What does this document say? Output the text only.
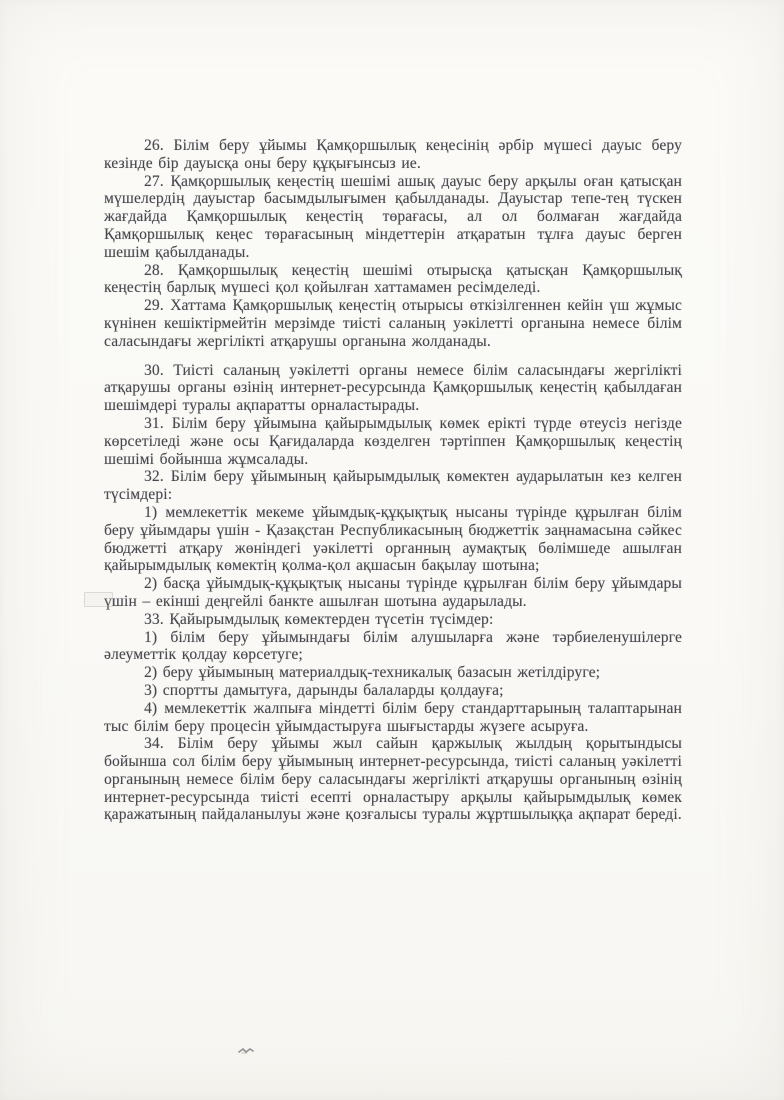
26. Білім беру ұйымы Қамқоршылық кеңесінің әрбір мүшесі дауыс беру кезінде бір дауысқа оны беру құқығынсыз ие.

27. Қамқоршылық кеңестің шешімі ашық дауыс беру арқылы оған қатысқан мүшелердің дауыстар басымдылығымен қабылданады. Дауыстар тепе-тең түскен жағдайда Қамқоршылық кеңестің төрағасы, ал ол болмаған жағдайда Қамқоршылық кеңес төрағасының міндеттерін атқаратын тұлға дауыс берген шешім қабылданады.

28. Қамқоршылық кеңестің шешімі отырысқа қатысқан Қамқоршылық кеңестің барлық мүшесі қол қойылған хаттамамен ресімделеді.

29. Хаттама Қамқоршылық кеңестің отырысы өткізілгеннен кейін үш жұмыс күнінен кешіктірмейтін мерзімде тиісті саланың уәкілетті органына немесе білім саласындағы жергілікті атқарушы органына жолданады.

30. Тиісті саланың уәкілетті органы немесе білім саласындағы жергілікті атқарушы органы өзінің интернет-ресурсында Қамқоршылық кеңестің қабылдаған шешімдері туралы ақпаратты орналастырады.

31. Білім беру ұйымына қайырымдылық көмек ерікті түрде өтеусіз негізде көрсетіледі және осы Қағидаларда көзделген тәртіппен Қамқоршылық кеңестің шешімі бойынша жұмсалады.

32. Білім беру ұйымының қайырымдылық көмектен аударылатын кез келген түсімдері:

1) мемлекеттік мекеме ұйымдық-құқықтық нысаны түрінде құрылған білім беру ұйымдары үшін - Қазақстан Республикасының бюджеттік заңнамасына сәйкес бюджетті атқару жөніндегі уәкілетті органның аумақтық бөлімшеде ашылған қайырымдылық көмектің қолма-қол ақшасын бақылау шотына;

2) басқа ұйымдық-құқықтық нысаны түрінде құрылған білім беру ұйымдары үшін – екінші деңгейлі банкте ашылған шотына аударылады.

33. Қайырымдылық көмектерден түсетін түсімдер:

1) білім беру ұйымындағы білім алушыларға және тәрбиеленушілерге әлеуметтік қолдау көрсетуге;

2) беру ұйымының материалдық-техникалық базасын жетілдіруге;

3) спортты дамытуға, дарынды балаларды қолдауға;

4) мемлекеттік жалпыға міндетті білім беру стандарттарының талаптарынан тыс білім беру процесін ұйымдастыруға шығыстарды жүзеге асыруға.

34. Білім беру ұйымы жыл сайын қаржылық жылдың қорытындысы бойынша сол білім беру ұйымының интернет-ресурсында, тиісті саланың уәкілетті органының немесе білім беру саласындағы жергілікті атқарушы органының өзінің интернет-ресурсында тиісті есепті орналастыру арқылы қайырымдылық көмек қаражатының пайдаланылуы және қозғалысы туралы жұртшылыққа ақпарат береді.
